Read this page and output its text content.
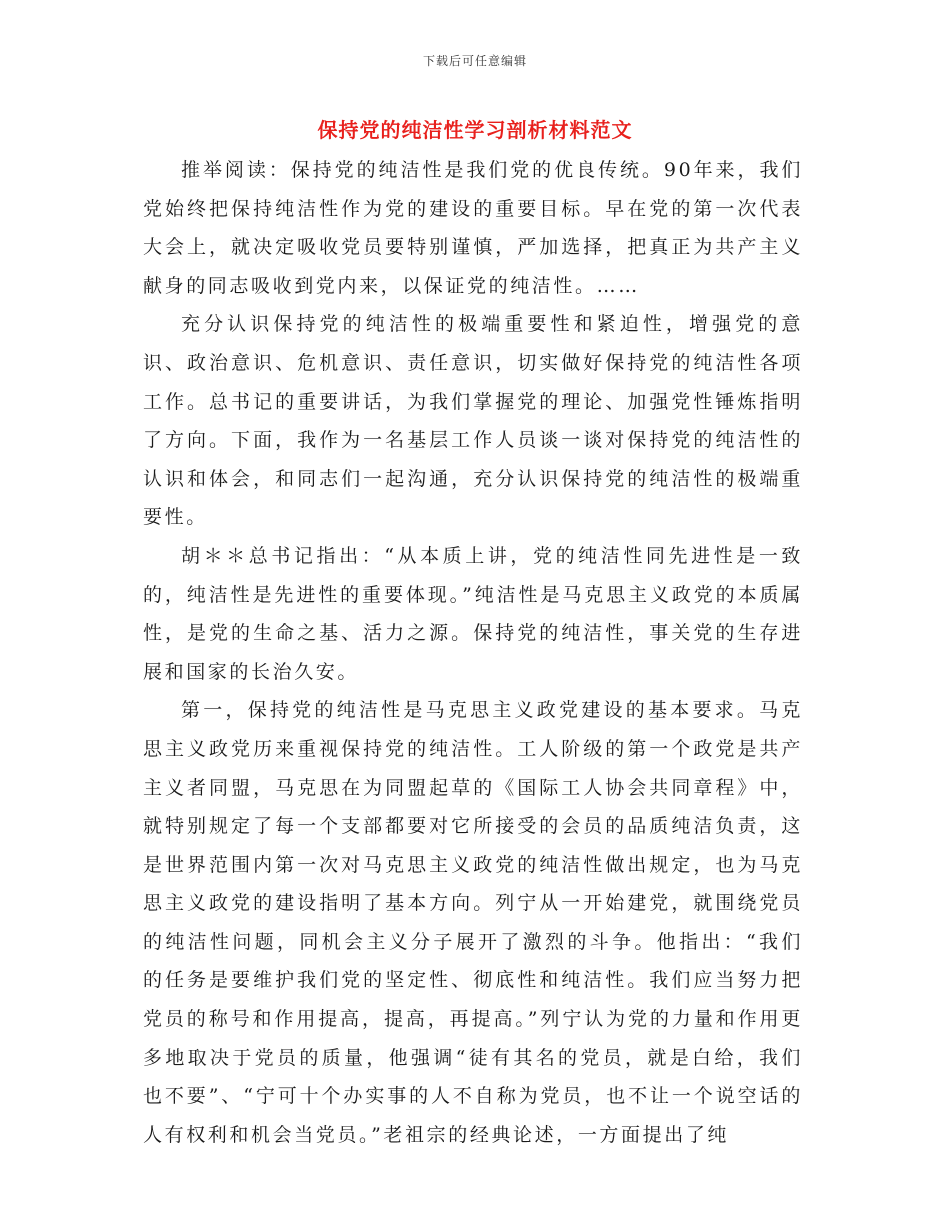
下载后可任意编辑
保持党的纯洁性学习剖析材料范文

推举阅读：保持党的纯洁性是我们党的优良传统。90年来，我们党始终把保持纯洁性作为党的建设的重要目标。早在党的第一次代表大会上，就决定吸收党员要特别谨慎，严加选择，把真正为共产主义献身的同志吸收到党内来，以保证党的纯洁性。……

充分认识保持党的纯洁性的极端重要性和紧迫性，增强党的意识、政治意识、危机意识、责任意识，切实做好保持党的纯洁性各项工作。总书记的重要讲话，为我们掌握党的理论、加强党性锤炼指明了方向。下面，我作为一名基层工作人员谈一谈对保持党的纯洁性的认识和体会，和同志们一起沟通，充分认识保持党的纯洁性的极端重要性。

胡＊＊总书记指出：“从本质上讲，党的纯洁性同先进性是一致的，纯洁性是先进性的重要体现。”纯洁性是马克思主义政党的本质属性，是党的生命之基、活力之源。保持党的纯洁性，事关党的生存进展和国家的长治久安。

第一，保持党的纯洁性是马克思主义政党建设的基本要求。马克思主义政党历来重视保持党的纯洁性。工人阶级的第一个政党是共产主义者同盟，马克思在为同盟起草的《国际工人协会共同章程》中，就特别规定了每一个支部都要对它所接受的会员的品质纯洁负责，这是世界范围内第一次对马克思主义政党的纯洁性做出规定，也为马克思主义政党的建设指明了基本方向。列宁从一开始建党，就围绕党员的纯洁性问题，同机会主义分子展开了激烈的斗争。他指出：“我们的任务是要维护我们党的坚定性、彻底性和纯洁性。我们应当努力把党员的称号和作用提高，提高，再提高。”列宁认为党的力量和作用更多地取决于党员的质量，他强调“徒有其名的党员，就是白给，我们也不要”、“宁可十个办实事的人不自称为党员，也不让一个说空话的人有权利和机会当党员。”老祖宗的经典论述，一方面提出了纯
